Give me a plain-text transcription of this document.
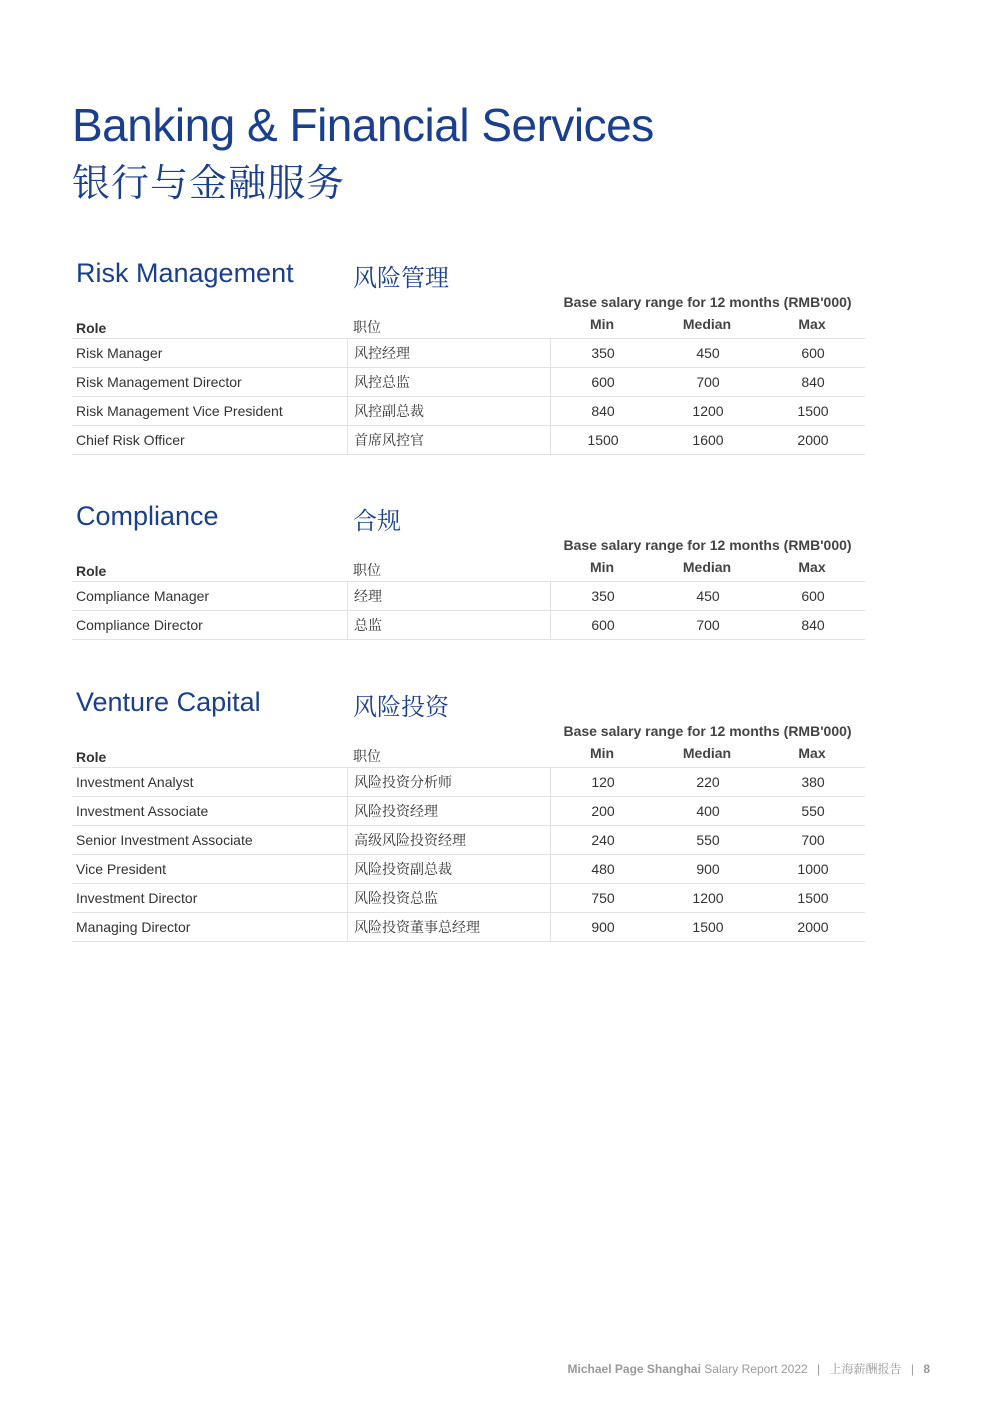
Banking & Financial Services
银行与金融服务
Risk Management 风险管理
Base salary range for 12 months (RMB'000)
Role	职位	Min	Median	Max
Risk Manager	风控经理	350	450	600
Risk Management Director	风控总监	600	700	840
Risk Management Vice President	风控副总裁	840	1200	1500
Chief Risk Officer	首席风控官	1500	1600	2000
Compliance	合规
Base salary range for 12 months (RMB'000)
Role	职位	Min	Median	Max
Compliance Manager	经理	350	450	600
Compliance Director	总监	600	700	840
Venture Capital	风险投资
Base salary range for 12 months (RMB'000)
Role	职位	Min	Median	Max
Investment Analyst	风险投资分析师	120	220	380
Investment Associate	风险投资经理	200	400	550
Senior Investment Associate	高级风险投资经理	240	550	700
Vice President	风险投资副总裁	480	900	1000
Investment Director	风险投资总监	750	1200	1500
Managing Director	风险投资董事总经理	900	1500	2000
Michael Page Shanghai Salary Report 2022 | 上海薪酬报告 | 8
